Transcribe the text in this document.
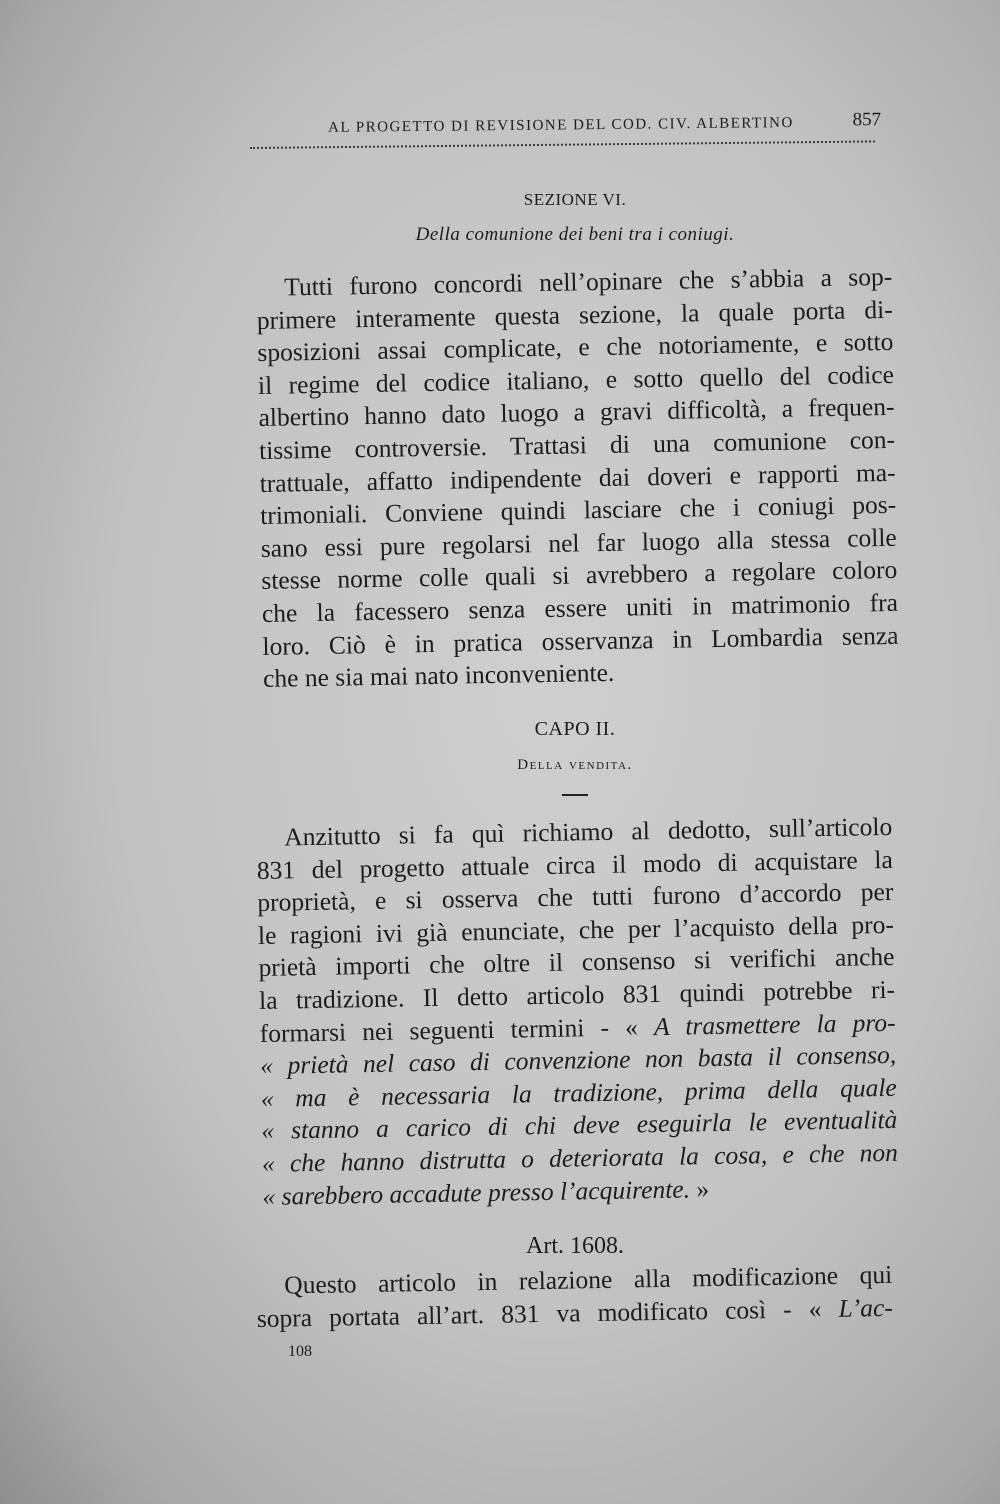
AL PROGETTO DI REVISIONE DEL COD. CIV. ALBERTINO	857
SEZIONE VI.
Della comunione dei beni tra i coniugi.
Tutti furono concordi nell’opinare che s’abbia a sop-
primere interamente questa sezione, la quale porta di-
sposizioni assai complicate, e che notoriamente, e sotto
il regime del codice italiano, e sotto quello del codice
albertino hanno dato luogo a gravi difficoltà, a frequen-
tissime controversie. Trattasi di una comunione con-
trattuale, affatto indipendente dai doveri e rapporti ma-
trimoniali. Conviene quindi lasciare che i coniugi pos-
sano essi pure regolarsi nel far luogo alla stessa colle
stesse norme colle quali si avrebbero a regolare coloro
che la facessero senza essere uniti in matrimonio fra
loro. Ciò è in pratica osservanza in Lombardia senza
che ne sia mai nato inconveniente.
CAPO II.
Della vendita.
Anzitutto si fa quì richiamo al dedotto, sull’articolo
831 del progetto attuale circa il modo di acquistare la
proprietà, e si osserva che tutti furono d’accordo per
le ragioni ivi già enunciate, che per l’acquisto della pro-
prietà importi che oltre il consenso si verifichi anche
la tradizione. Il detto articolo 831 quindi potrebbe ri-
formarsi nei seguenti termini - « A trasmettere la pro-
« prietà nel caso di convenzione non basta il consenso,
« ma è necessaria la tradizione, prima della quale
« stanno a carico di chi deve eseguirla le eventualità
« che hanno distrutta o deteriorata la cosa, e che non
« sarebbero accadute presso l’acquirente. »
Art. 1608.
Questo articolo in relazione alla modificazione qui
sopra portata all’art. 831 va modificato così - « L’ac-
108
